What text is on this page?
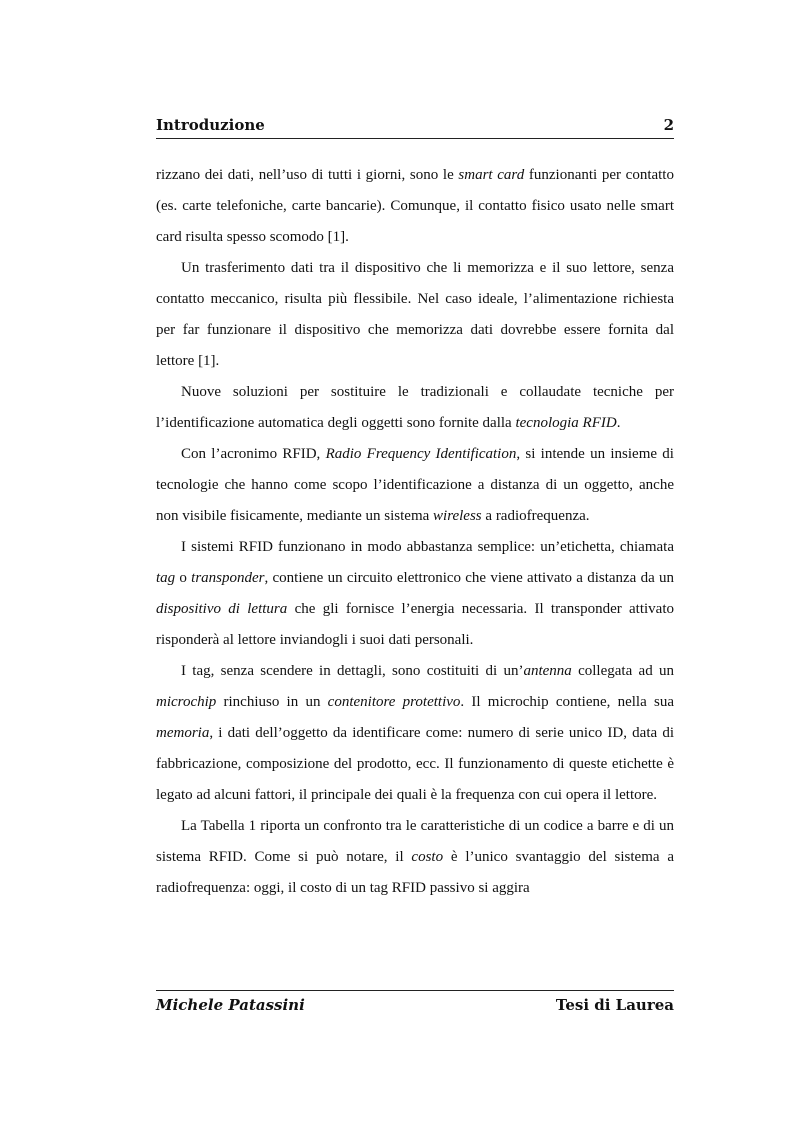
Introduzione	2

rizzano dei dati, nell’uso di tutti i giorni, sono le smart card funzionanti per contatto (es. carte telefoniche, carte bancarie). Comunque, il contatto fisico usato nelle smart card risulta spesso scomodo [1].

Un trasferimento dati tra il dispositivo che li memorizza e il suo lettore, senza contatto meccanico, risulta più flessibile. Nel caso ideale, l’alimentazione richiesta per far funzionare il dispositivo che memorizza dati dovrebbe essere fornita dal lettore [1].

Nuove soluzioni per sostituire le tradizionali e collaudate tecniche per l’identificazione automatica degli oggetti sono fornite dalla tecnologia RFID.

Con l’acronimo RFID, Radio Frequency Identification, si intende un insieme di tecnologie che hanno come scopo l’identificazione a distanza di un oggetto, anche non visibile fisicamente, mediante un sistema wireless a radiofrequenza.

I sistemi RFID funzionano in modo abbastanza semplice: un’etichetta, chiamata tag o transponder, contiene un circuito elettronico che viene attivato a distanza da un dispositivo di lettura che gli fornisce l’energia necessaria. Il transponder attivato risponderà al lettore inviandogli i suoi dati personali.

I tag, senza scendere in dettagli, sono costituiti di un’antenna collegata ad un microchip rinchiuso in un contenitore protettivo. Il microchip contiene, nella sua memoria, i dati dell’oggetto da identificare come: numero di serie unico ID, data di fabbricazione, composizione del prodotto, ecc. Il funzionamento di queste etichette è legato ad alcuni fattori, il principale dei quali è la frequenza con cui opera il lettore.

La Tabella 1 riporta un confronto tra le caratteristiche di un codice a barre e di un sistema RFID. Come si può notare, il costo è l’unico svantaggio del sistema a radiofrequenza: oggi, il costo di un tag RFID passivo si aggira

Michele Patassini	Tesi di Laurea
